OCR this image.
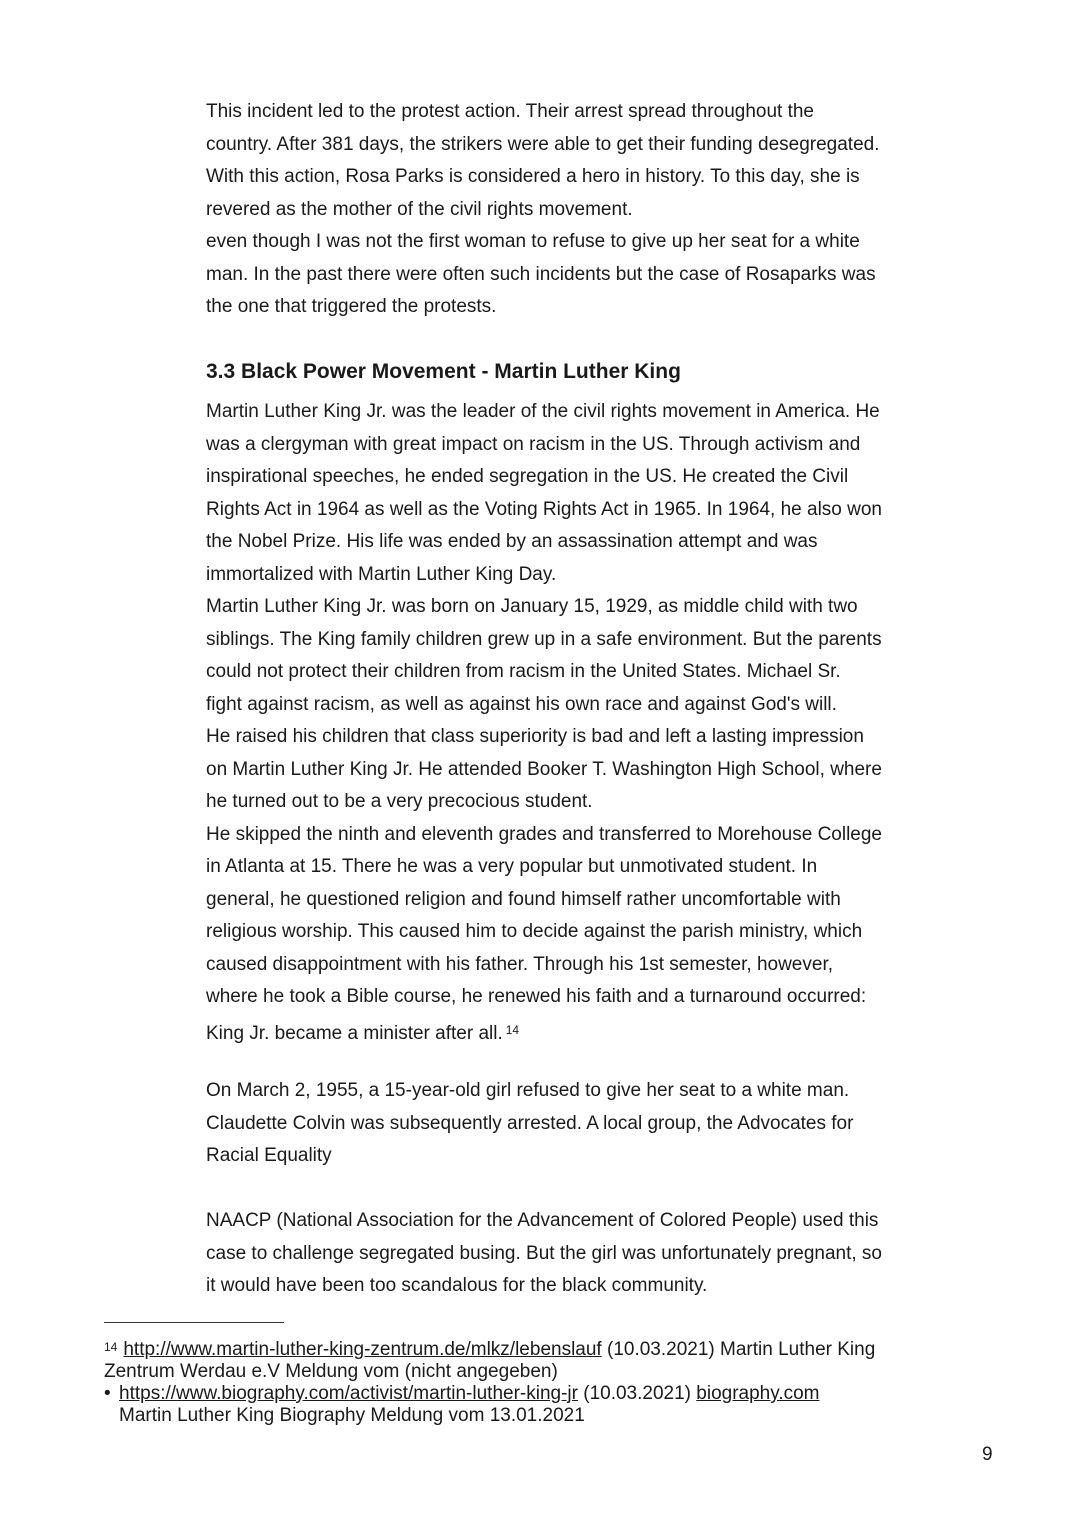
This incident led to the protest action. Their arrest spread throughout the
country. After 381 days, the strikers were able to get their funding desegregated.
With this action, Rosa Parks is considered a hero in history. To this day, she is
revered as the mother of the civil rights movement.
even though I was not the first woman to refuse to give up her seat for a white
man. In the past there were often such incidents but the case of Rosaparks was
the one that triggered the protests.
3.3 Black Power Movement - Martin Luther King
Martin Luther King Jr. was the leader of the civil rights movement in America. He
was a clergyman with great impact on racism in the US. Through activism and
inspirational speeches, he ended segregation in the US. He created the Civil
Rights Act in 1964 as well as the Voting Rights Act in 1965. In 1964, he also won
the Nobel Prize. His life was ended by an assassination attempt and was
immortalized with Martin Luther King Day.
Martin Luther King Jr. was born on January 15, 1929, as middle child with two
siblings. The King family children grew up in a safe environment. But the parents
could not protect their children from racism in the United States. Michael Sr.
fight against racism, as well as against his own race and against God's will.
He raised his children that class superiority is bad and left a lasting impression
on Martin Luther King Jr. He attended Booker T. Washington High School, where
he turned out to be a very precocious student.
He skipped the ninth and eleventh grades and transferred to Morehouse College
in Atlanta at 15. There he was a very popular but unmotivated student. In
general, he questioned religion and found himself rather uncomfortable with
religious worship. This caused him to decide against the parish ministry, which
caused disappointment with his father. Through his 1st semester, however,
where he took a Bible course, he renewed his faith and a turnaround occurred:
King Jr. became a minister after all. $^{14}$
On March 2, 1955, a 15-year-old girl refused to give her seat to a white man.
Claudette Colvin was subsequently arrested. A local group, the Advocates for
Racial Equality
NAACP (National Association for the Advancement of Colored People) used this
case to challenge segregated busing. But the girl was unfortunately pregnant, so
it would have been too scandalous for the black community.
$^{14}$ http://www.martin-luther-king-zentrum.de/mlkz/lebenslauf (10.03.2021) Martin Luther King
Zentrum Werdau e.V Meldung vom (nicht angegeben)
• https://www.biography.com/activist/martin-luther-king-jr (10.03.2021) biography.com
Martin Luther King Biography Meldung vom 13.01.2021
9
